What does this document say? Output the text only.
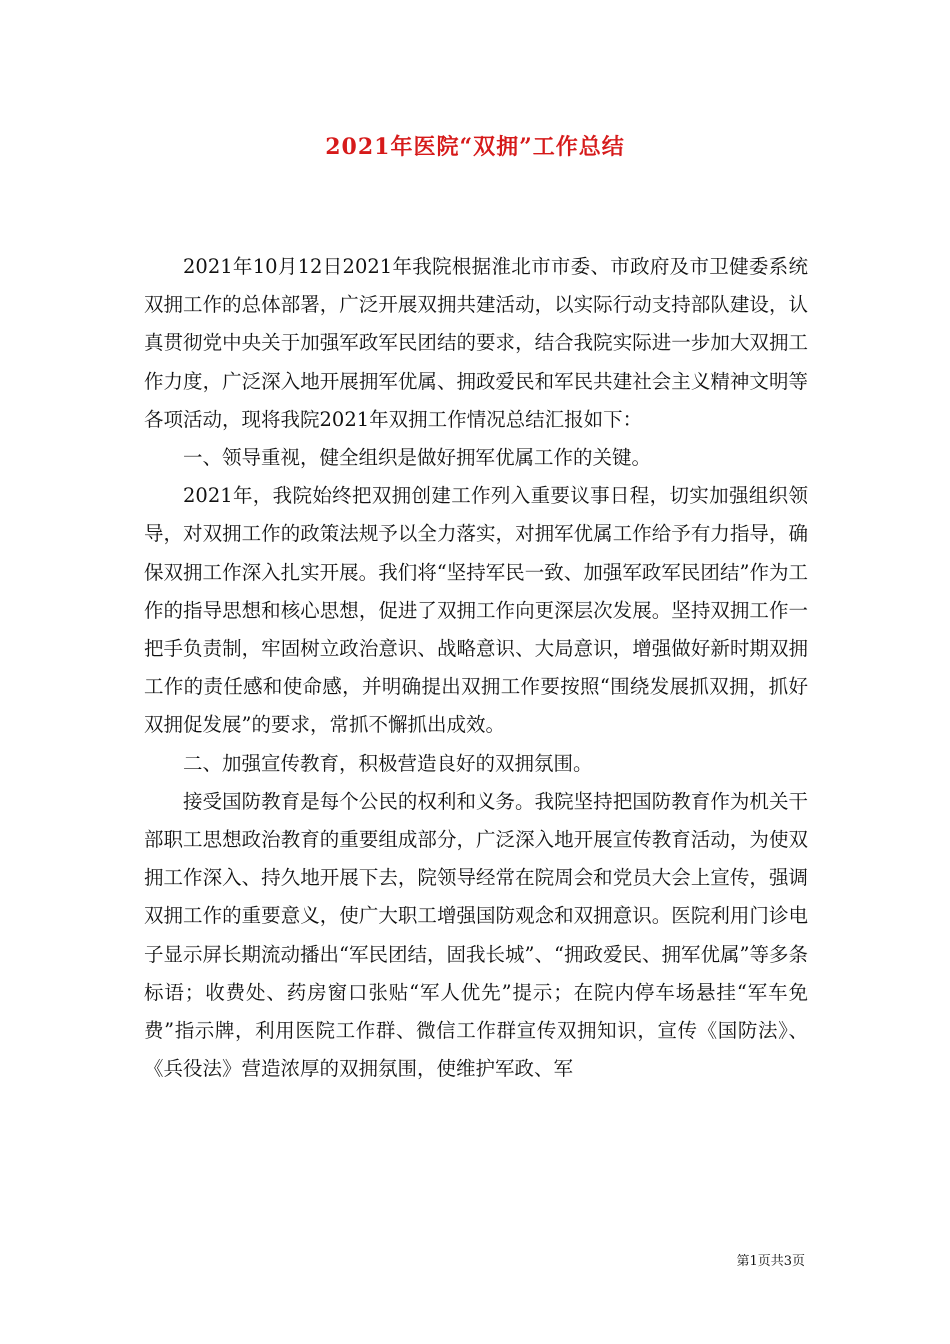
2021年医院“双拥”工作总结

2021年10月12日2021年我院根据淮北市市委、市政府及市卫健委系统双拥工作的总体部署，广泛开展双拥共建活动，以实际行动支持部队建设，认真贯彻党中央关于加强军政军民团结的要求，结合我院实际进一步加大双拥工作力度，广泛深入地开展拥军优属、拥政爱民和军民共建社会主义精神文明等各项活动，现将我院2021年双拥工作情况总结汇报如下：

一、领导重视，健全组织是做好拥军优属工作的关键。

2021年，我院始终把双拥创建工作列入重要议事日程，切实加强组织领导，对双拥工作的政策法规予以全力落实，对拥军优属工作给予有力指导，确保双拥工作深入扎实开展。我们将“坚持军民一致、加强军政军民团结”作为工作的指导思想和核心思想，促进了双拥工作向更深层次发展。坚持双拥工作一把手负责制，牢固树立政治意识、战略意识、大局意识，增强做好新时期双拥工作的责任感和使命感，并明确提出双拥工作要按照“围绕发展抓双拥，抓好双拥促发展”的要求，常抓不懈抓出成效。

二、加强宣传教育，积极营造良好的双拥氛围。

接受国防教育是每个公民的权利和义务。我院坚持把国防教育作为机关干部职工思想政治教育的重要组成部分，广泛深入地开展宣传教育活动，为使双拥工作深入、持久地开展下去，院领导经常在院周会和党员大会上宣传，强调双拥工作的重要意义，使广大职工增强国防观念和双拥意识。医院利用门诊电子显示屏长期流动播出“军民团结，固我长城”、“拥政爱民、拥军优属”等多条标语；收费处、药房窗口张贴“军人优先”提示；在院内停车场悬挂“军车免费”指示牌，利用医院工作群、微信工作群宣传双拥知识，宣传《国防法》、《兵役法》营造浓厚的双拥氛围，使维护军政、军

第1页共3页
